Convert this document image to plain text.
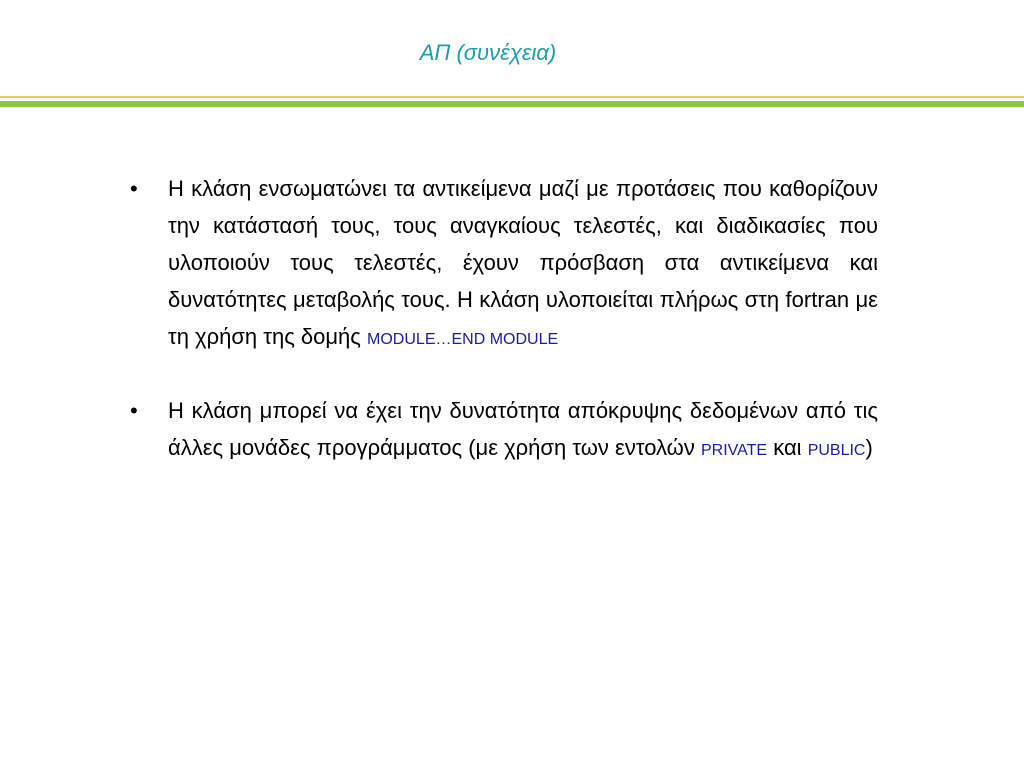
ΑΠ (συνέχεια)
• Η κλάση ενσωματώνει τα αντικείμενα μαζί με προτάσεις που καθορίζουν την κατάστασή τους, τους αναγκαίους τελεστές, και διαδικασίες που υλοποιούν τους τελεστές, έχουν πρόσβαση στα αντικείμενα και δυνατότητες μεταβολής τους. Η κλάση υλοποιείται πλήρως στη fortran με τη χρήση της δομής MODULE…END MODULE

• Η κλάση μπορεί να έχει την δυνατότητα απόκρυψης δεδομένων από τις άλλες μονάδες προγράμματος (με χρήση των εντολών PRIVATE και PUBLIC)
